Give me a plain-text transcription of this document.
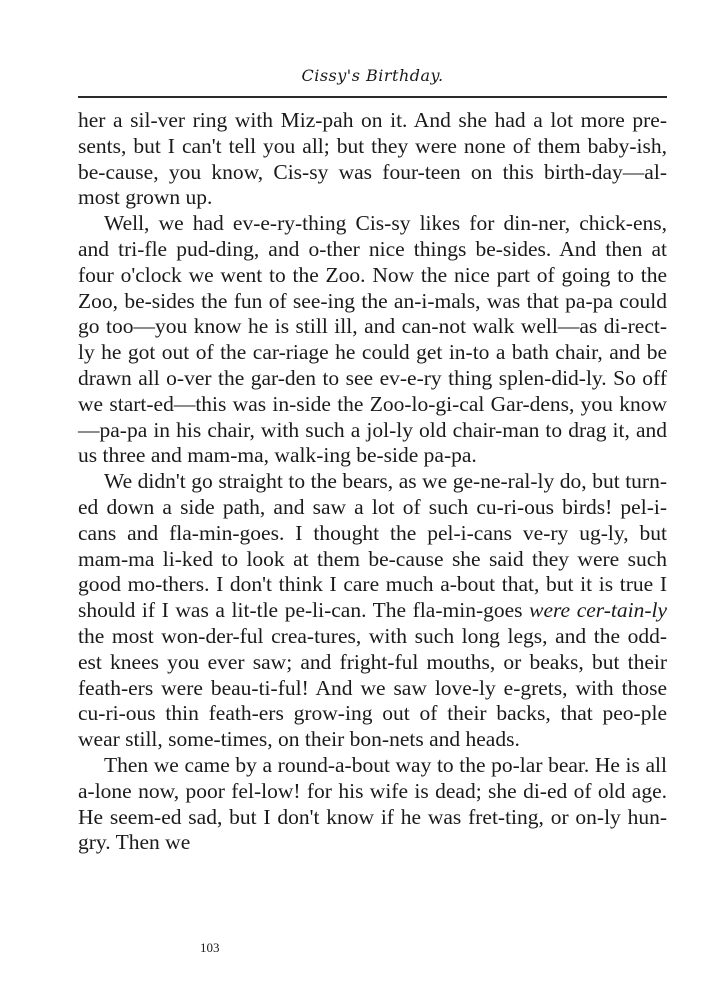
Cissy's Birthday.

her a sil-ver ring with Miz-pah on it. And she had a lot more pre-sents, but I can't tell you all; but they were none of them baby-ish, be-cause, you know, Cis-sy was four-teen on this birth-day—al-most grown up.

Well, we had ev-e-ry-thing Cis-sy likes for din-ner, chick-ens, and tri-fle pud-ding, and o-ther nice things be-sides. And then at four o'clock we went to the Zoo. Now the nice part of going to the Zoo, be-sides the fun of see-ing the an-i-mals, was that pa-pa could go too—you know he is still ill, and can-not walk well—as di-rect-ly he got out of the car-riage he could get in-to a bath chair, and be drawn all o-ver the gar-den to see ev-e-ry thing splen-did-ly. So off we start-ed—this was in-side the Zoo-lo-gi-cal Gar-dens, you know—pa-pa in his chair, with such a jol-ly old chair-man to drag it, and us three and mam-ma, walk-ing be-side pa-pa.

We didn't go straight to the bears, as we ge-ne-ral-ly do, but turn-ed down a side path, and saw a lot of such cu-ri-ous birds! pel-i-cans and fla-min-goes. I thought the pel-i-cans ve-ry ug-ly, but mam-ma li-ked to look at them be-cause she said they were such good mo-thers. I don't think I care much a-bout that, but it is true I should if I was a lit-tle pe-li-can. The fla-min-goes were cer-tain-ly the most won-der-ful crea-tures, with such long legs, and the odd-est knees you ever saw; and fright-ful mouths, or beaks, but their feath-ers were beau-ti-ful! And we saw love-ly e-grets, with those cu-ri-ous thin feath-ers grow-ing out of their backs, that peo-ple wear still, some-times, on their bon-nets and heads.

Then we came by a round-a-bout way to the po-lar bear. He is all a-lone now, poor fel-low! for his wife is dead; she di-ed of old age. He seem-ed sad, but I don't know if he was fret-ting, or on-ly hun-gry. Then we

103
